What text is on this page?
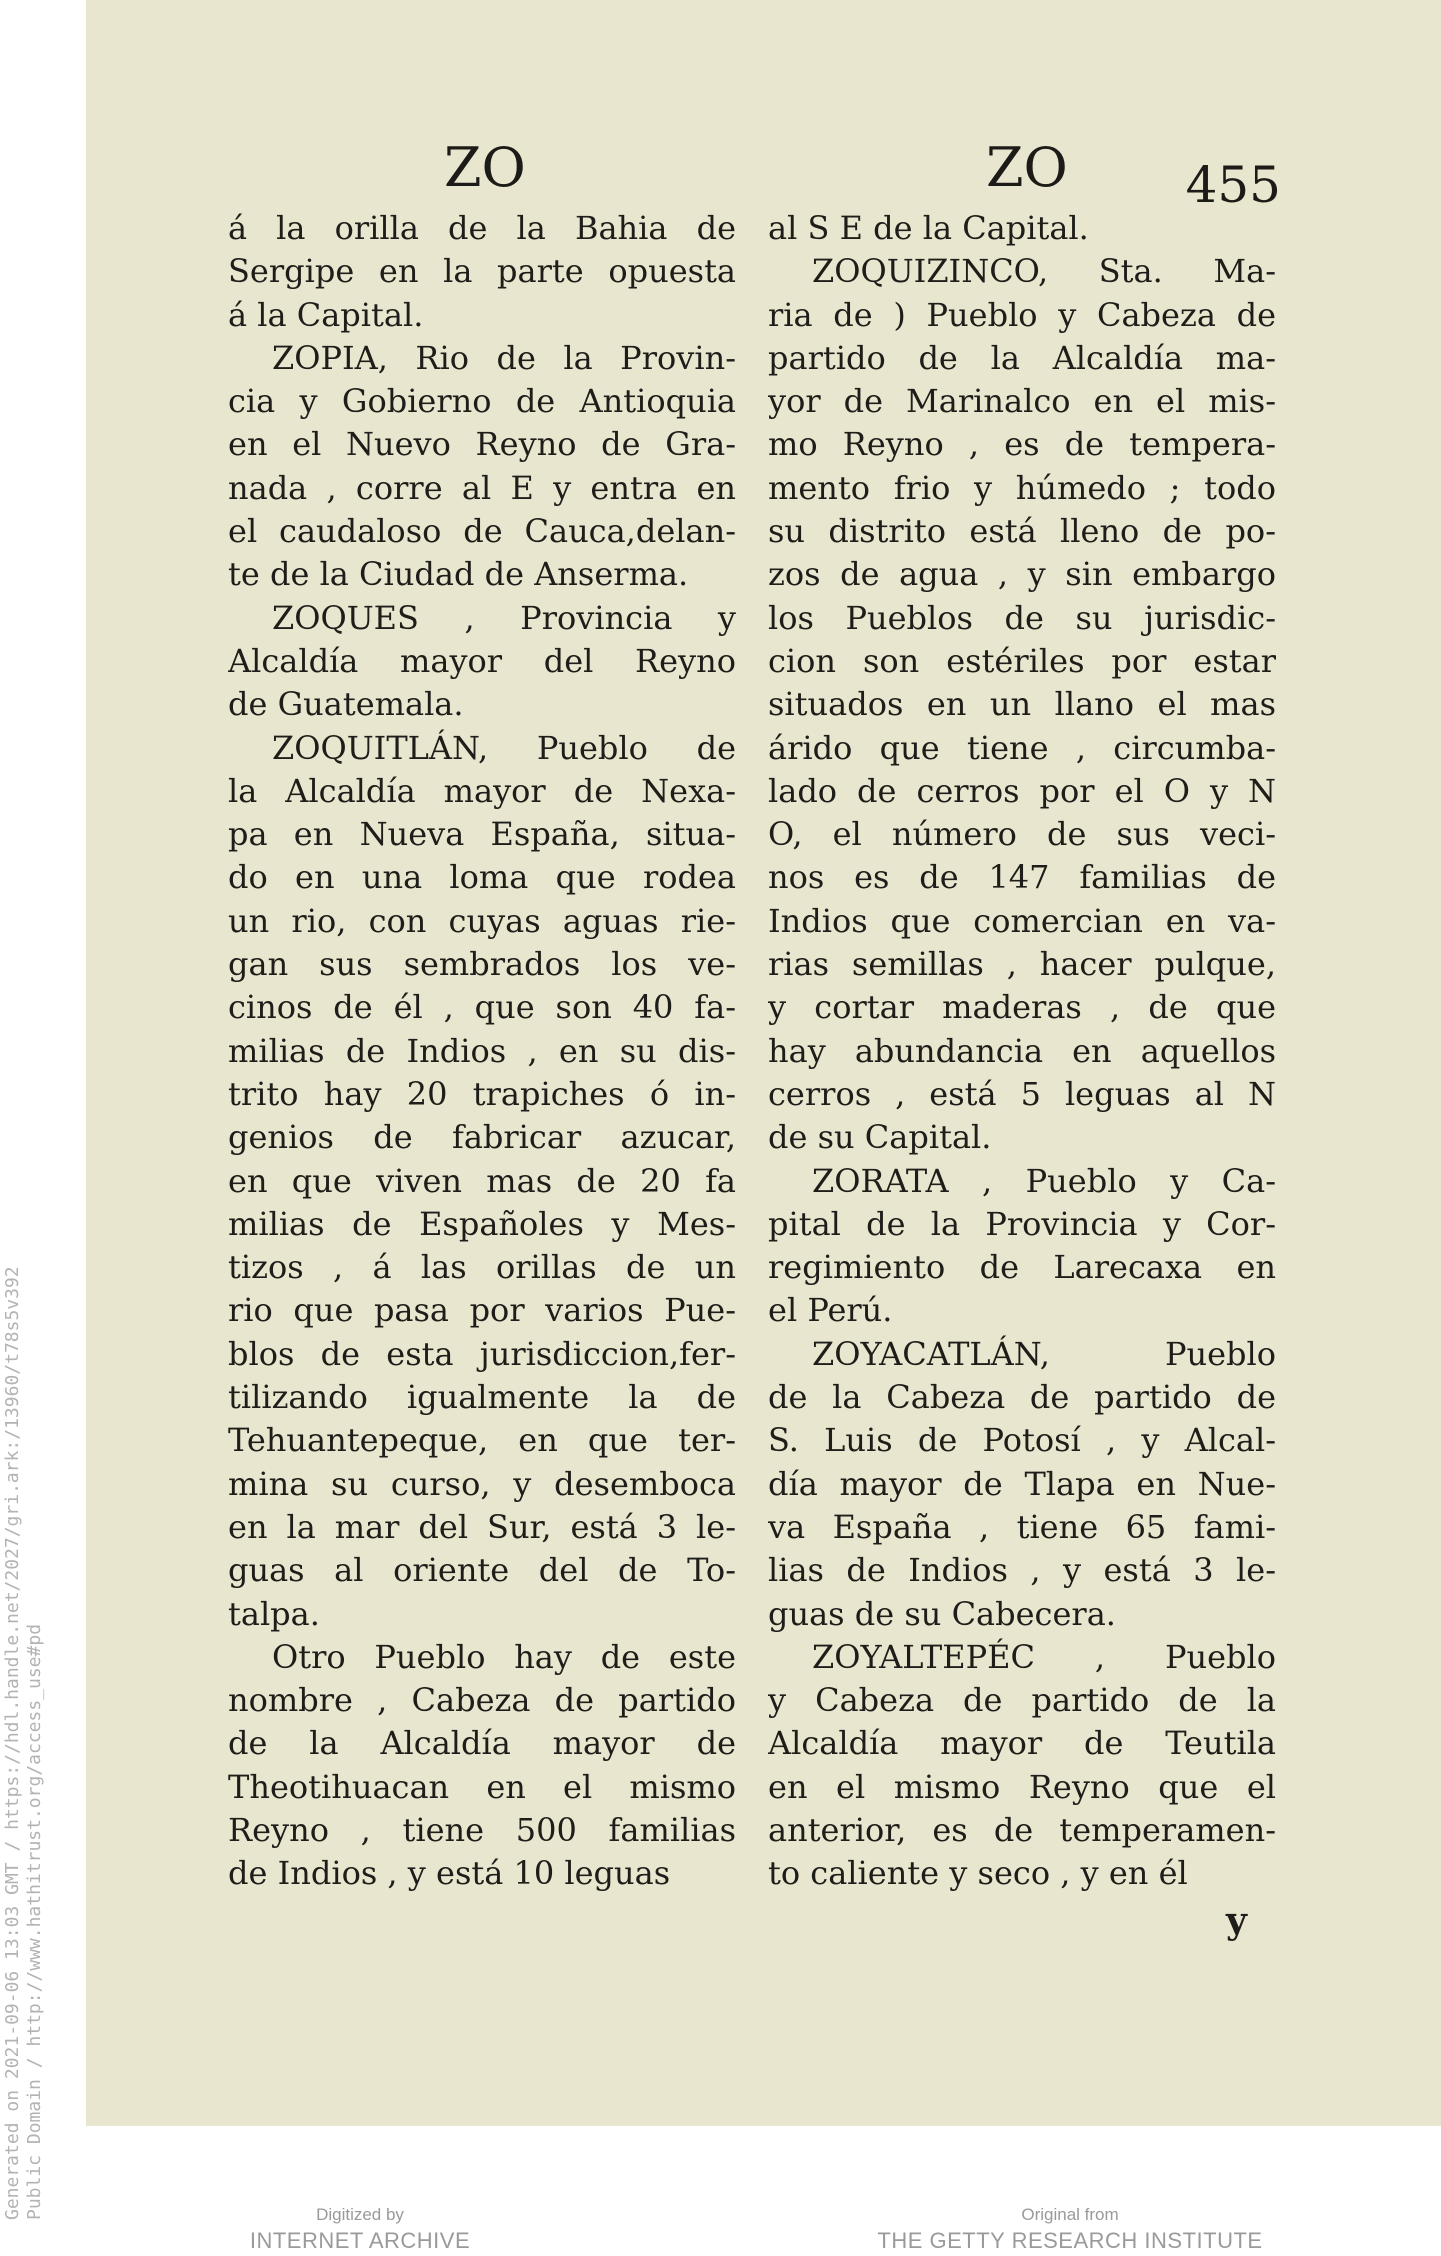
Generated on 2021-09-06 13:03 GMT / https://hdl.handle.net/2027/gri.ark:/13960/t78s5v392 Public Domain / http://www.hathitrust.org/access_use#pd
ZO	ZO 455
á la orilla de la Bahia de
Sergipe en la parte opuesta
á la Capital.
ZOPIA, Rio de la Provin-
cia y Gobierno de Antioquia
en el Nuevo Reyno de Gra-
nada , corre al E y entra en
el caudaloso de Cauca,delan-
te de la Ciudad de Anserma.
ZOQUES , Provincia y
Alcaldía mayor del Reyno
de Guatemala.
ZOQUITLÁN, Pueblo de
la Alcaldía mayor de Nexa-
pa en Nueva España, situa-
do en una loma que rodea
un rio, con cuyas aguas rie-
gan sus sembrados los ve-
cinos de él , que son 40 fa-
milias de Indios , en su dis-
trito hay 20 trapiches ó in-
genios de fabricar azucar,
en que viven mas de 20 fa
milias de Españoles y Mes-
tizos , á las orillas de un
rio que pasa por varios Pue-
blos de esta jurisdiccion,fer-
tilizando igualmente la de
Tehuantepeque, en que ter-
mina su curso, y desemboca
en la mar del Sur, está 3 le-
guas al oriente del de To-
talpa.
Otro Pueblo hay de este
nombre , Cabeza de partido
de la Alcaldía mayor de
Theotihuacan en el mismo
Reyno , tiene 500 familias
de Indios , y está 10 leguas
al S E de la Capital.
ZOQUIZINCO, Sta. Ma-
ria de ) Pueblo y Cabeza de
partido de la Alcaldía ma-
yor de Marinalco en el mis-
mo Reyno , es de tempera-
mento frio y húmedo ; todo
su distrito está lleno de po-
zos de agua , y sin embargo
los Pueblos de su jurisdic-
cion son estériles por estar
situados en un llano el mas
árido que tiene , circumba-
lado de cerros por el O y N
O, el número de sus veci-
nos es de 147 familias de
Indios que comercian en va-
rias semillas , hacer pulque,
y cortar maderas , de que
hay abundancia en aquellos
cerros , está 5 leguas al N
de su Capital.
ZORATA , Pueblo y Ca-
pital de la Provincia y Cor-
regimiento de Larecaxa en
el Perú.
ZOYACATLÁN, Pueblo
de la Cabeza de partido de
S. Luis de Potosí , y Alcal-
día mayor de Tlapa en Nue-
va España , tiene 65 fami-
lias de Indios , y está 3 le-
guas de su Cabecera.
ZOYALTEPÉC , Pueblo
y Cabeza de partido de la
Alcaldía mayor de Teutila
en el mismo Reyno que el
anterior, es de temperamen-
to caliente y seco , y en él
y
Digitized by
INTERNET ARCHIVE
Original from
THE GETTY RESEARCH INSTITUTE
